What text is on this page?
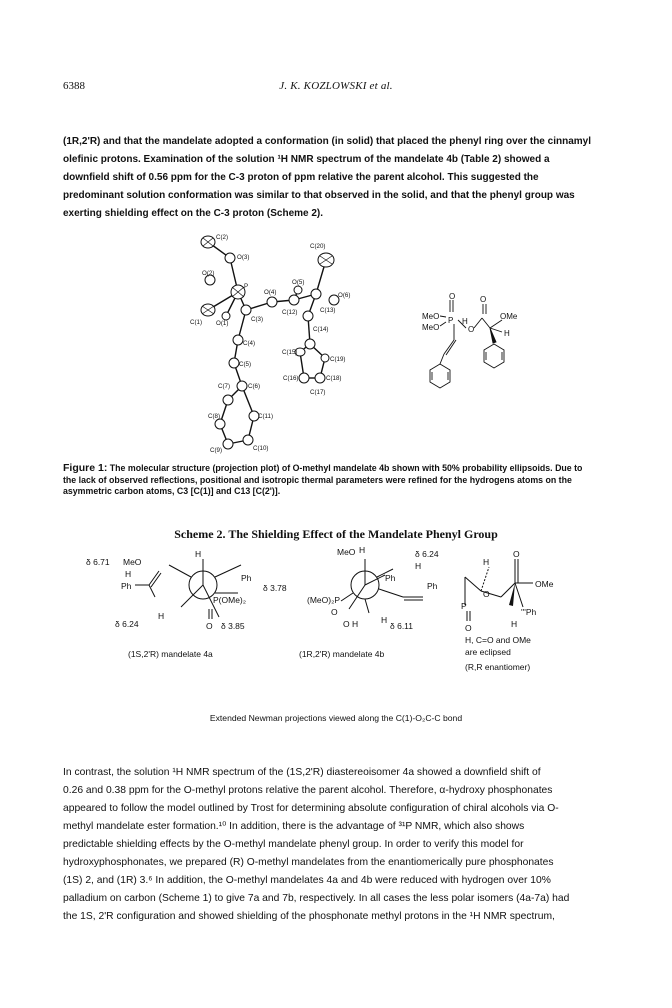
6388	J. K. KOZLOWSKI et al.
(1R,2'R) and that the mandelate adopted a conformation (in solid) that placed the phenyl ring over the cinnamyl
olefinic protons. Examination of the solution ¹H NMR spectrum of the mandelate 4b (Table 2) showed a
downfield shift of 0.56 ppm for the C-3 proton of ppm relative the parent alcohol. This suggested the
predominant solution conformation was similar to that observed in the solid, and that the phenyl group was
exerting shielding effect on the C-3 proton (Scheme 2).
C(2)
O(3)
C(20)
O(2)
P
O(4)
O(5)
O(6)
C(1) O(1)
C(3)
C(12)	C(13)
C(4)
C(14)
C(5)
C(15)
C(19)
C(16)	C(18)
C(7)	C(6)
C(17)
C(8)	C(11)
C(9)	C(10)
O
MeO
MeO
P H
O
O
OMe
H
Figure 1: The molecular structure (projection plot) of O-methyl mandelate 4b shown with 50% probability ellipsoids. Due to
the lack of observed reflections, positional and isotropic thermal parameters were refined for the hydrogens atoms on the
asymmetric carbon atoms, C3 [C(1)] and C13 [C(2')].
Scheme 2. The Shielding Effect of the Mandelate Phenyl Group
δ 6.71 MeO
H
H	Ph
Ph	δ 3.78
P(OMe)₂
O δ 3.85
H
δ 6.24
(1S,2'R) mandelate 4a
MeO H	δ 6.24
H
Ph
Ph
(MeO)₂P
O
O H	H
δ 6.11
(1R,2'R) mandelate 4b
H
O
OMe
P
O
O
'''Ph
H
H, C=O and OMe
are eclipsed
(R,R enantiomer)
Extended Newman projections viewed along the C(1)-O₂C-C bond
In contrast, the solution ¹H NMR spectrum of the (1S,2'R) diastereoisomer 4a showed a downfield shift of
0.26 and 0.38 ppm for the O-methyl protons relative the parent alcohol. Therefore, α-hydroxy phosphonates
appeared to follow the model outlined by Trost for determining absolute configuration of chiral alcohols via O-
methyl mandelate ester formation.¹⁰ In addition, there is the advantage of ³¹P NMR, which also shows
predictable shielding effects by the O-methyl mandelate phenyl group. In order to verify this model for
hydroxyphosphonates, we prepared (R) O-methyl mandelates from the enantiomerically pure phosphonates
(1S) 2, and (1R) 3.⁶ In addition, the O-methyl mandelates 4a and 4b were reduced with hydrogen over 10%
palladium on carbon (Scheme 1) to give 7a and 7b, respectively. In all cases the less polar isomers (4a-7a) had
the 1S, 2'R configuration and showed shielding of the phosphonate methyl protons in the ¹H NMR spectrum,
